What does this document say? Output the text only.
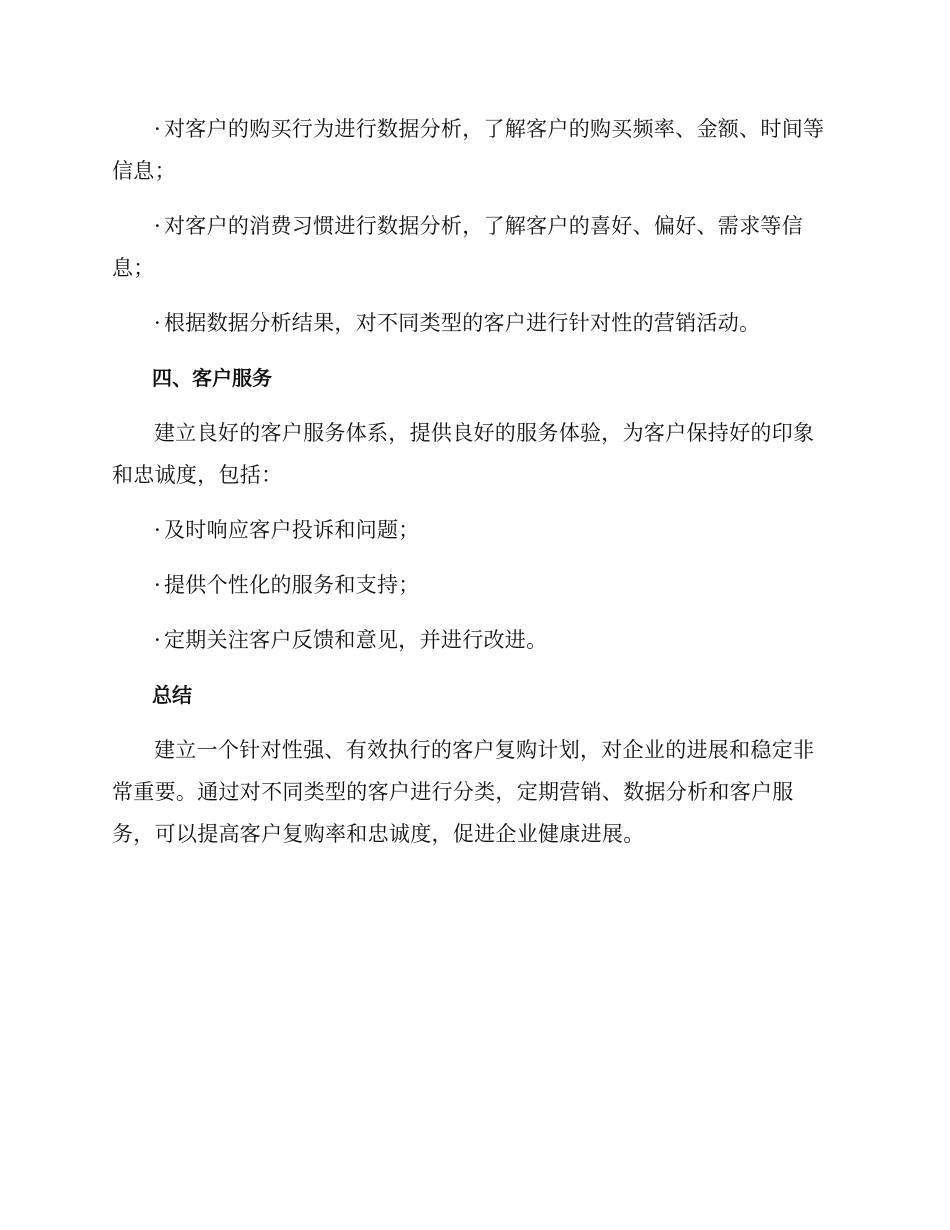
· 对客户的购买行为进行数据分析，了解客户的购买频率、金额、时间等信息；

· 对客户的消费习惯进行数据分析，了解客户的喜好、偏好、需求等信息；

· 根据数据分析结果，对不同类型的客户进行针对性的营销活动。

四、客户服务

建立良好的客户服务体系，提供良好的服务体验，为客户保持好的印象和忠诚度，包括：

· 及时响应客户投诉和问题；

· 提供个性化的服务和支持；

· 定期关注客户反馈和意见，并进行改进。

总结

建立一个针对性强、有效执行的客户复购计划，对企业的进展和稳定非常重要。通过对不同类型的客户进行分类，定期营销、数据分析和客户服务，可以提高客户复购率和忠诚度，促进企业健康进展。
